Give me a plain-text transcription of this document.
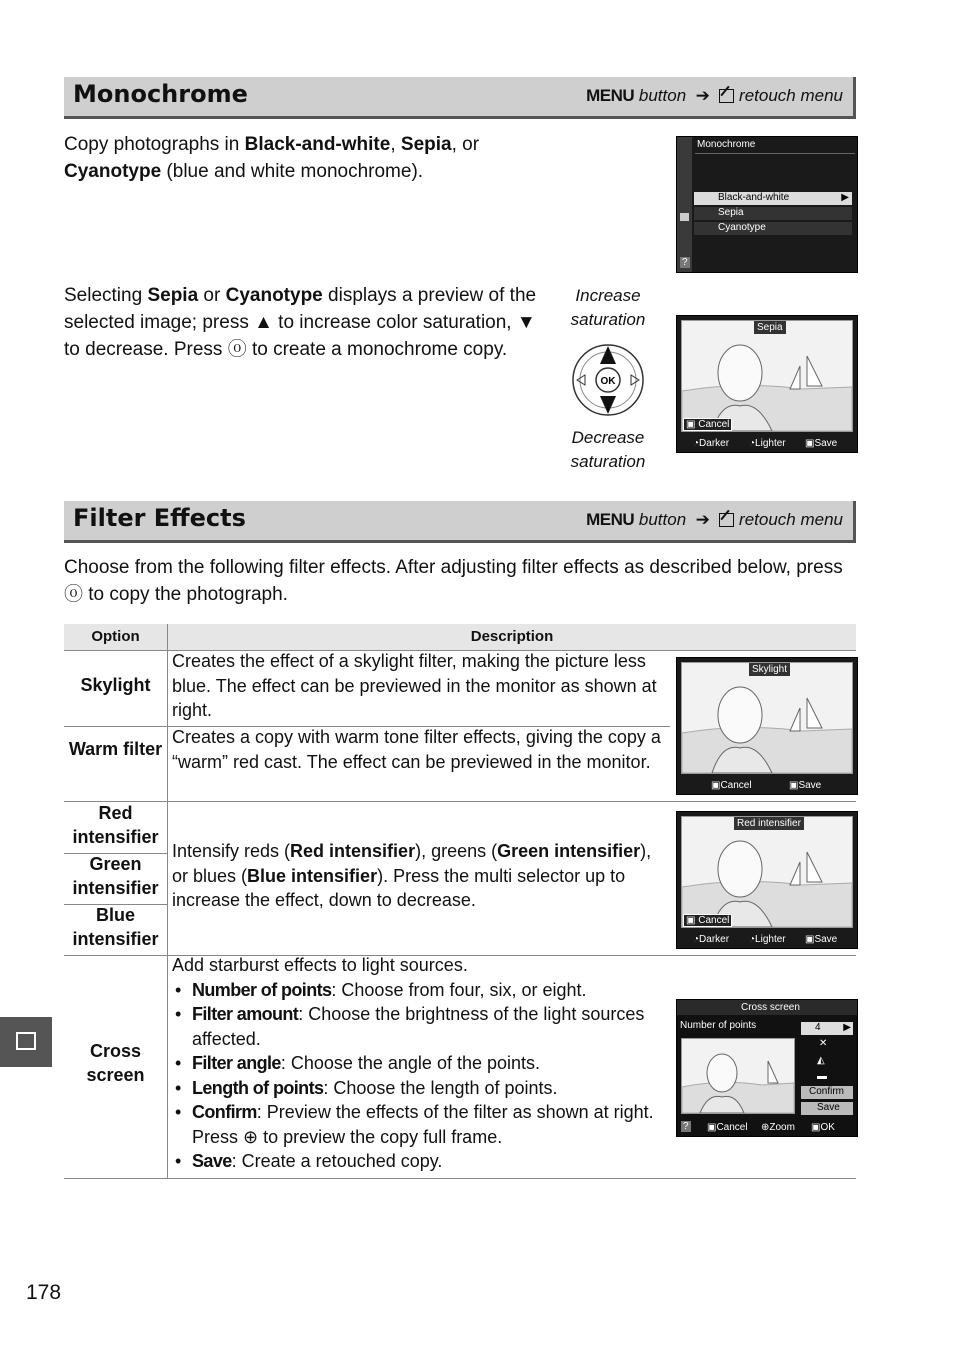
Monochrome	MENU button ➔ retouch menu
Copy photographs in Black-and-white, Sepia, or Cyanotype (blue and white monochrome).
?
Monochrome
Black-and-white	▶
Sepia
Cyanotype
Selecting Sepia or Cyanotype displays a preview of the selected image; press ▲ to increase color saturation, ▼ to decrease. Press ⓞ to create a monochrome copy.
Increase saturation
OK
Decrease saturation
Sepia
▣ Cancel
◔Darker ◔Lighter ▣Save
Filter Effects	MENU button ➔ retouch menu
Choose from the following filter effects. After adjusting filter effects as described below, press ⓞ to copy the photograph.
Option	Description
Skylight
Creates the effect of a skylight filter, making the picture less blue. The effect can be previewed in the monitor as shown at right.
Warm filter
Creates a copy with warm tone filter effects, giving the copy a “warm” red cast. The effect can be previewed in the monitor.
Skylight
▣Cancel	▣Save
Red intensifier
Green intensifier
Blue intensifier
Intensify reds (Red intensifier), greens (Green intensifier), or blues (Blue intensifier). Press the multi selector up to increase the effect, down to decrease.
Red intensifier
▣ Cancel
◔Darker ◔Lighter ▣Save
Cross screen
Add starburst effects to light sources.
• Number of points: Choose from four, six, or eight.
• Filter amount: Choose the brightness of the light sources affected.
• Filter angle: Choose the angle of the points.
• Length of points: Choose the length of points.
• Confirm: Preview the effects of the filter as shown at right. Press ⊕ to preview the copy full frame.
• Save: Create a retouched copy.
Cross screen
Number of points	4 ▶
✕
◭
▬
Confirm
Save
? ▣Cancel ⊕Zoom ▣OK
178
